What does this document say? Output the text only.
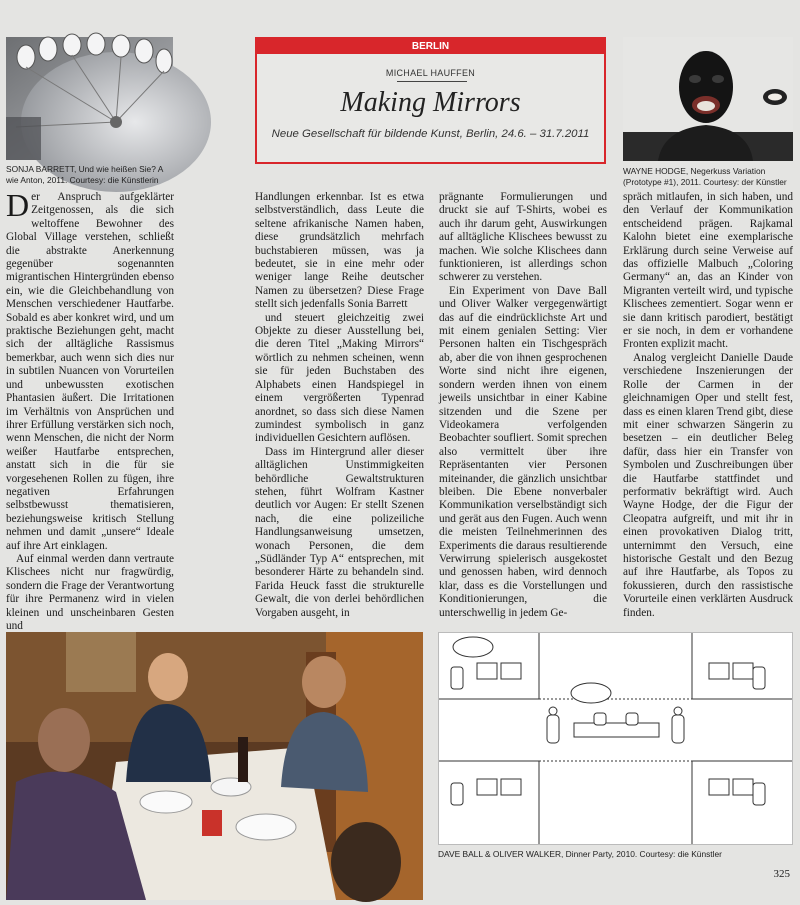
SONJA BARRETT, Und wie heißen Sie? A wie Anton, 2011. Courtesy: die Künstlerin
BERLIN
MICHAEL HAUFFEN
Making Mirrors
Neue Gesellschaft für bildende Kunst, Berlin, 24.6. – 31.7.2011
WAYNE HODGE, Negerkuss Variation (Prototype #1), 2011. Courtesy: der Künstler

Der Anspruch aufgeklärter Zeitgenossen, als die sich weltoffene Bewohner des Global Village verstehen, schließt die abstrakte Anerkennung gegenüber sogenannten migrantischen Hintergründen ebenso ein, wie die Gleichbehandlung von Menschen verschiedener Hautfarbe. Sobald es aber konkret wird, und um praktische Beziehungen geht, macht sich der alltägliche Rassismus bemerkbar, auch wenn sich dies nur in subtilen Nuancen von Vorurteilen und unbewussten exotischen Phantasien äußert. Die Irritationen im Verhältnis von Ansprüchen und ihrer Erfüllung verstärken sich noch, wenn Menschen, die nicht der Norm weißer Hautfarbe entsprechen, anstatt sich in die für sie vorgesehenen Rollen zu fügen, ihre negativen Erfahrungen selbstbewusst thematisieren, beziehungsweise kritisch Stellung nehmen und damit „unsere“ Ideale auf ihre Art einklagen.

Auf einmal werden dann vertraute Klischees nicht nur fragwürdig, sondern die Frage der Verantwortung für ihre Permanenz wird in vielen kleinen und unscheinbaren Gesten und

Handlungen erkennbar. Ist es etwa selbstverständlich, dass Leute die seltene afrikanische Namen haben, diese grundsätzlich mehrfach buchstabieren müssen, was ja bedeutet, sie in eine mehr oder weniger lange Reihe deutscher Namen zu übersetzen? Diese Frage stellt sich jedenfalls Sonia Barrett

und steuert gleichzeitig zwei Objekte zu dieser Ausstellung bei, die deren Titel „Making Mirrors“ wörtlich zu nehmen scheinen, wenn sie für jeden Buchstaben des Alphabets einen Handspiegel in einem vergrößerten Typenrad anordnet, so dass sich diese Namen zumindest symbolisch in ganz individuellen Gesichtern auflösen.

Dass im Hintergrund aller dieser alltäglichen Unstimmigkeiten behördliche Gewaltstrukturen stehen, führt Wolfram Kastner deutlich vor Augen: Er stellt Szenen nach, die eine polizeiliche Handlungsanweisung umsetzen, wonach Personen, die dem „Südländer Typ A“ entsprechen, mit besonderer Härte zu behandeln sind. Farida Heuck fasst die strukturelle Gewalt, die von derlei behördlichen Vorgaben ausgeht, in

prägnante Formulierungen und druckt sie auf T-Shirts, wobei es auch ihr darum geht, Auswirkungen auf alltägliche Klischees bewusst zu machen. Wie solche Klischees dann funktionieren, ist allerdings schon schwerer zu verstehen.

Ein Experiment von Dave Ball und Oliver Walker vergegenwärtigt das auf die eindrücklichste Art und mit einem genialen Setting: Vier Personen halten ein Tischgespräch ab, aber die von ihnen gesprochenen Worte sind nicht ihre eigenen, sondern werden ihnen von einem jeweils unsichtbar in einer Kabine sitzenden und die Szene per Videokamera verfolgenden Beobachter soufliert. Somit sprechen also vermittelt über ihre Repräsentanten vier Personen miteinander, die gänzlich unsichtbar bleiben. Die Ebene nonverbaler Kommunikation verselbständigt sich und gerät aus den Fugen. Auch wenn die meisten Teilnehmerinnen des Experiments die daraus resultierende Verwirrung spielerisch ausgekostet und genossen haben, wird dennoch klar, dass es die Vorstellungen und Konditionierungen, die unterschwellig in jedem Ge-

spräch mitlaufen, in sich haben, und den Verlauf der Kommunikation entscheidend prägen. Rajkamal Kalohn bietet eine exemplarische Erklärung durch seine Verweise auf das offizielle Malbuch „Coloring Germany“ an, das an Kinder von Migranten verteilt wird, und typische Klischees zementiert. Sogar wenn er sie dann kritisch parodiert, bestätigt er sie noch, in dem er vorhandene Fronten explizit macht.

Analog vergleicht Danielle Daude verschiedene Inszenierungen der Rolle der Carmen in der gleichnamigen Oper und stellt fest, dass es einen klaren Trend gibt, diese mit einer schwarzen Sängerin zu besetzen – ein deutlicher Beleg dafür, dass hier ein Transfer von Symbolen und Zuschreibungen über die Hautfarbe stattfindet und performativ bekräftigt wird. Auch Wayne Hodge, der die Figur der Cleopatra aufgreift, und mit ihr in einen provokativen Dialog tritt, unternimmt den Versuch, eine historische Gestalt und den Bezug auf ihre Hautfarbe, als Topos zu fokussieren, durch den rassistische Vorurteile einen verklärten Ausdruck finden.

DAVE BALL & OLIVER WALKER, Dinner Party, 2010. Courtesy: die Künstler
325
